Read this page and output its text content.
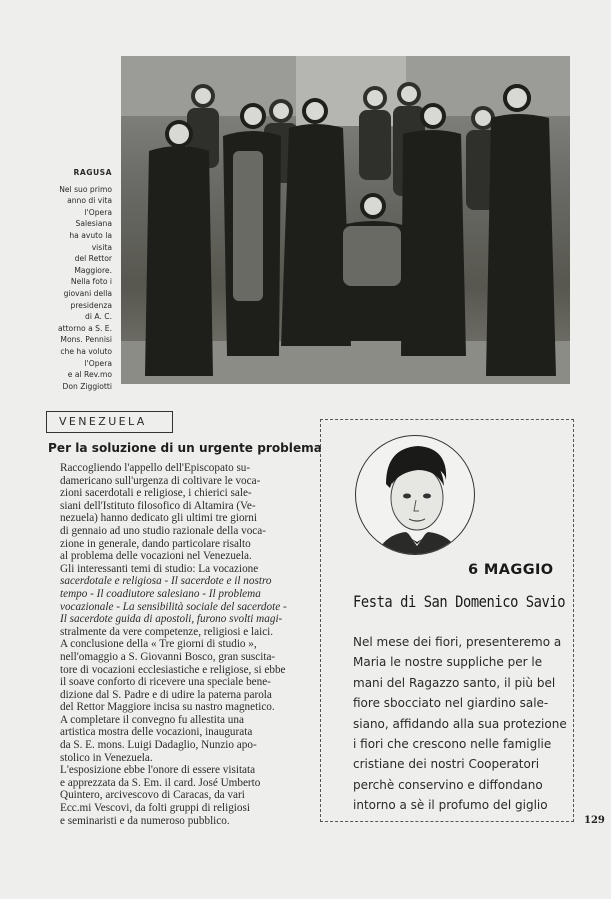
RAGUSA
Nel suo primo
anno di vita
l'Opera
Salesiana
ha avuto la
visita
del Rettor
Maggiore.
Nella foto i
giovani della
presidenza
di A. C.
attorno a S. E.
Mons. Pennisi
che ha voluto
l'Opera
e al Rev.mo
Don Ziggiotti
VENEZUELA
Per la soluzione di un urgente problema

Raccogliendo l'appello dell'Episcopato su-
damericano sull'urgenza di coltivare le voca-
zioni sacerdotali e religiose, i chierici sale-
siani dell'Istituto filosofico di Altamira (Ve-
nezuela) hanno dedicato gli ultimi tre giorni
di gennaio ad uno studio razionale della voca-
zione in generale, dando particolare risalto
al problema delle vocazioni nel Venezuela.

Gli interessanti temi di studio: La vocazione
sacerdotale e religiosa - Il sacerdote e il nostro
tempo - Il coadiutore salesiano - Il problema
vocazionale - La sensibilità sociale del sacerdote -
Il sacerdote guida di apostoli, furono svolti magi-
stralmente da vere competenze, religiosi e laici.

A conclusione della « Tre giorni di studio »,
nell'omaggio a S. Giovanni Bosco, gran suscita-
tore di vocazioni ecclesiastiche e religiose, si ebbe
il soave conforto di ricevere una speciale bene-
dizione dal S. Padre e di udire la paterna parola
del Rettor Maggiore incisa su nastro magnetico.

A completare il convegno fu allestita una
artistica mostra delle vocazioni, inaugurata
da S. E. mons. Luigi Dadaglio, Nunzio apo-
stolico in Venezuela.

L'esposizione ebbe l'onore di essere visitata
e apprezzata da S. Em. il card. José Umberto
Quintero, arcivescovo di Caracas, da vari
Ecc.mi Vescovi, da folti gruppi di religiosi
e seminaristi e da numeroso pubblico.

6 MAGGIO
Festa di San Domenico Savio
Nel mese dei fiori, presenteremo a
Maria le nostre suppliche per le
mani del Ragazzo santo, il più bel
fiore sbocciato nel giardino sale-
siano, affidando alla sua protezione
i fiori che crescono nelle famiglie
cristiane dei nostri Cooperatori
perchè conservino e diffondano
intorno a sè il profumo del giglio
129
